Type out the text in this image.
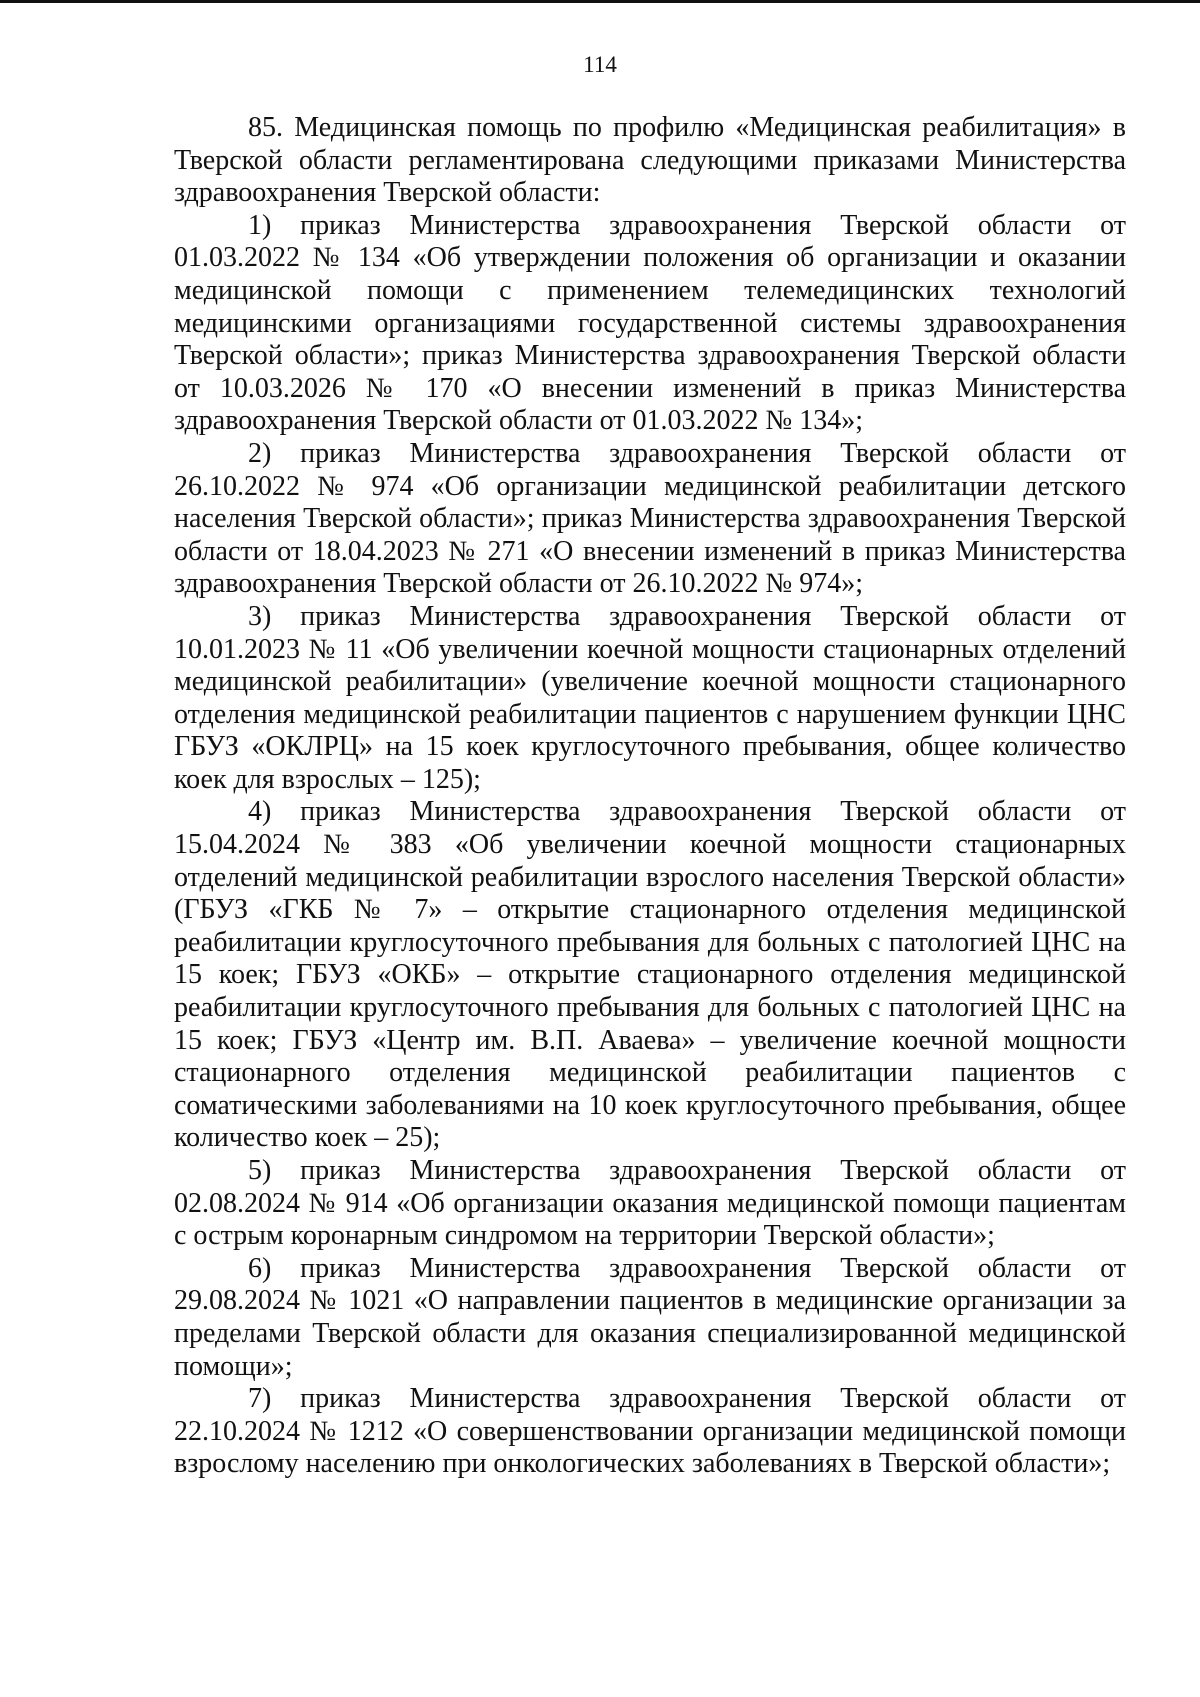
114

85. Медицинская помощь по профилю «Медицинская реабилитация» в Тверской области регламентирована следующими приказами Министерства здравоохранения Тверской области:

1) приказ Министерства здравоохранения Тверской области от 01.03.2022 № 134 «Об утверждении положения об организации и оказании медицинской помощи с применением телемедицинских технологий медицинскими организациями государственной системы здравоохранения Тверской области»; приказ Министерства здравоохранения Тверской области от 10.03.2026 № 170 «О внесении изменений в приказ Министерства здравоохранения Тверской области от 01.03.2022 № 134»;

2) приказ Министерства здравоохранения Тверской области от 26.10.2022 № 974 «Об организации медицинской реабилитации детского населения Тверской области»; приказ Министерства здравоохранения Тверской области от 18.04.2023 № 271 «О внесении изменений в приказ Министерства здравоохранения Тверской области от 26.10.2022 № 974»;

3) приказ Министерства здравоохранения Тверской области от 10.01.2023 № 11 «Об увеличении коечной мощности стационарных отделений медицинской реабилитации» (увеличение коечной мощности стационарного отделения медицинской реабилитации пациентов с нарушением функции ЦНС ГБУЗ «ОКЛРЦ» на 15 коек круглосуточного пребывания, общее количество коек для взрослых – 125);

4) приказ Министерства здравоохранения Тверской области от 15.04.2024 № 383 «Об увеличении коечной мощности стационарных отделений медицинской реабилитации взрослого населения Тверской области» (ГБУЗ «ГКБ № 7» – открытие стационарного отделения медицинской реабилитации круглосуточного пребывания для больных с патологией ЦНС на 15 коек; ГБУЗ «ОКБ» – открытие стационарного отделения медицинской реабилитации круглосуточного пребывания для больных с патологией ЦНС на 15 коек; ГБУЗ «Центр им. В.П. Аваева» – увеличение коечной мощности стационарного отделения медицинской реабилитации пациентов с соматическими заболеваниями на 10 коек круглосуточного пребывания, общее количество коек – 25);

5) приказ Министерства здравоохранения Тверской области от 02.08.2024 № 914 «Об организации оказания медицинской помощи пациентам с острым коронарным синдромом на территории Тверской области»;

6) приказ Министерства здравоохранения Тверской области от 29.08.2024 № 1021 «О направлении пациентов в медицинские организации за пределами Тверской области для оказания специализированной медицинской помощи»;

7) приказ Министерства здравоохранения Тверской области от 22.10.2024 № 1212 «О совершенствовании организации медицинской помощи взрослому населению при онкологических заболеваниях в Тверской области»;
